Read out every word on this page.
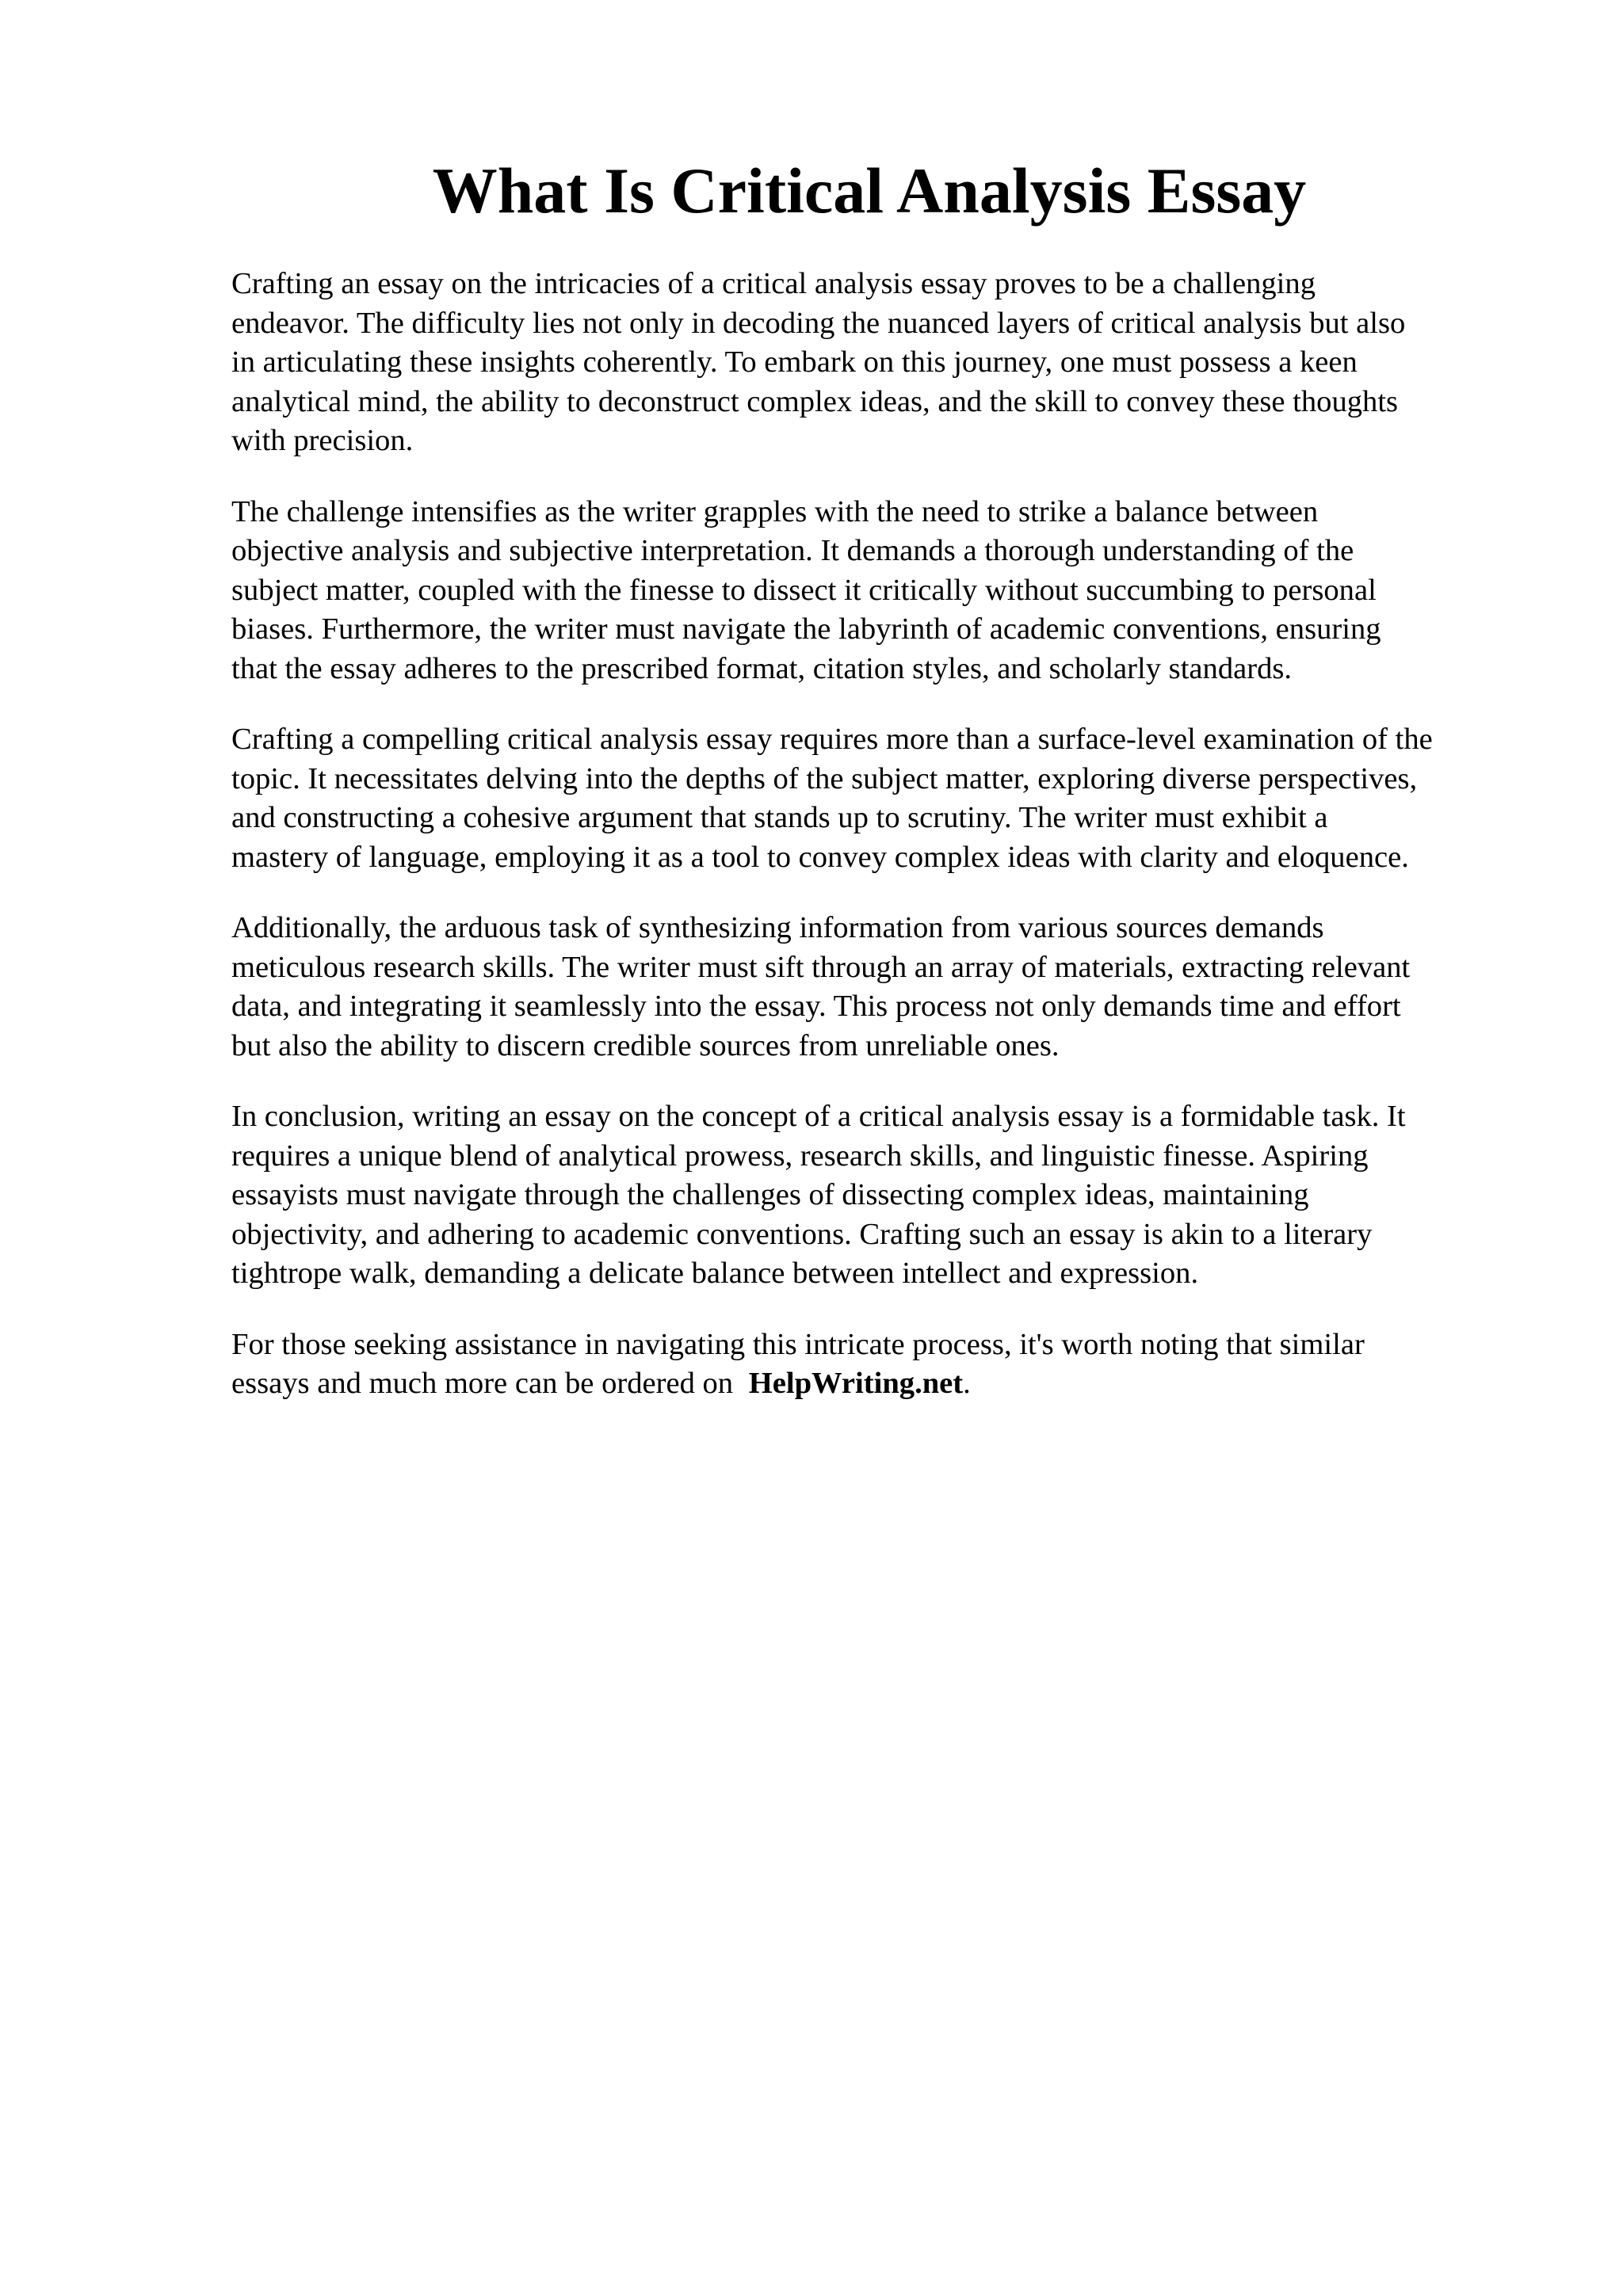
What Is Critical Analysis Essay

Crafting an essay on the intricacies of a critical analysis essay proves to be a challenging
endeavor. The difficulty lies not only in decoding the nuanced layers of critical analysis but also
in articulating these insights coherently. To embark on this journey, one must possess a keen
analytical mind, the ability to deconstruct complex ideas, and the skill to convey these thoughts
with precision.

The challenge intensifies as the writer grapples with the need to strike a balance between
objective analysis and subjective interpretation. It demands a thorough understanding of the
subject matter, coupled with the finesse to dissect it critically without succumbing to personal
biases. Furthermore, the writer must navigate the labyrinth of academic conventions, ensuring
that the essay adheres to the prescribed format, citation styles, and scholarly standards.

Crafting a compelling critical analysis essay requires more than a surface-level examination of the
topic. It necessitates delving into the depths of the subject matter, exploring diverse perspectives,
and constructing a cohesive argument that stands up to scrutiny. The writer must exhibit a
mastery of language, employing it as a tool to convey complex ideas with clarity and eloquence.

Additionally, the arduous task of synthesizing information from various sources demands
meticulous research skills. The writer must sift through an array of materials, extracting relevant
data, and integrating it seamlessly into the essay. This process not only demands time and effort
but also the ability to discern credible sources from unreliable ones.

In conclusion, writing an essay on the concept of a critical analysis essay is a formidable task. It
requires a unique blend of analytical prowess, research skills, and linguistic finesse. Aspiring
essayists must navigate through the challenges of dissecting complex ideas, maintaining
objectivity, and adhering to academic conventions. Crafting such an essay is akin to a literary
tightrope walk, demanding a delicate balance between intellect and expression.

For those seeking assistance in navigating this intricate process, it's worth noting that similar
essays and much more can be ordered on HelpWriting.net.
